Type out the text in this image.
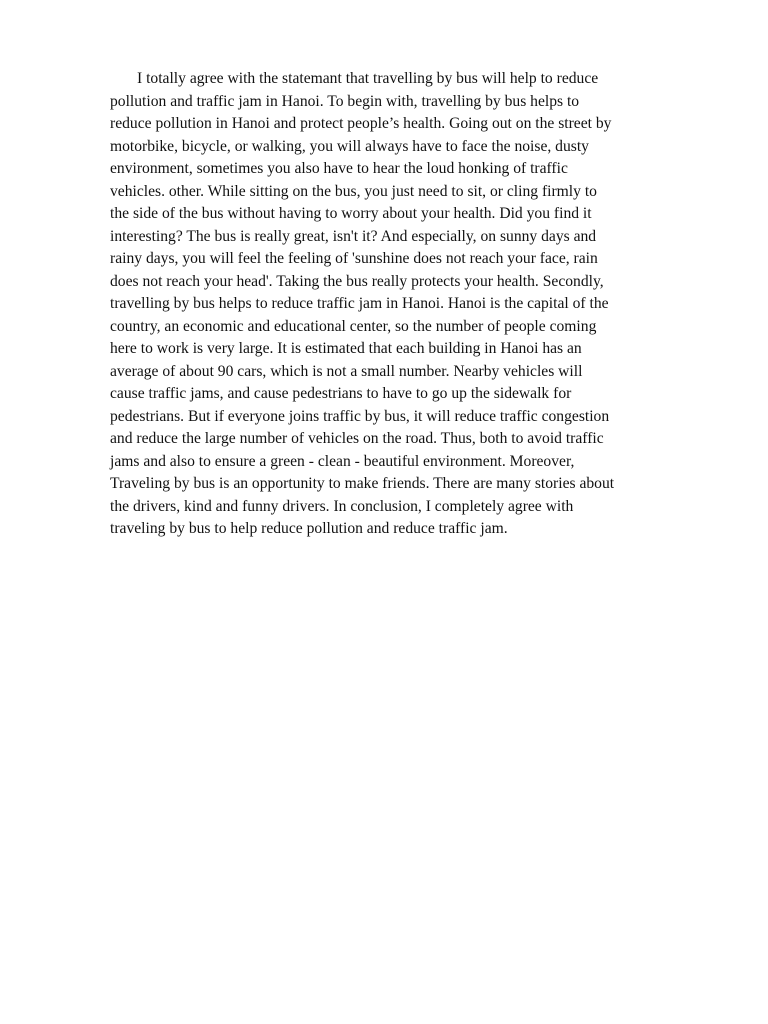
I totally agree with the statemant that travelling by bus will help to reduce
pollution and traffic jam in Hanoi. To begin with, travelling by bus helps to
reduce pollution in Hanoi and protect people’s health. Going out on the street by
motorbike, bicycle, or walking, you will always have to face the noise, dusty
environment, sometimes you also have to hear the loud honking of traffic
vehicles. other. While sitting on the bus, you just need to sit, or cling firmly to
the side of the bus without having to worry about your health. Did you find it
interesting? The bus is really great, isn't it? And especially, on sunny days and
rainy days, you will feel the feeling of 'sunshine does not reach your face, rain
does not reach your head'. Taking the bus really protects your health. Secondly,
travelling by bus helps to reduce traffic jam in Hanoi. Hanoi is the capital of the
country, an economic and educational center, so the number of people coming
here to work is very large. It is estimated that each building in Hanoi has an
average of about 90 cars, which is not a small number. Nearby vehicles will
cause traffic jams, and cause pedestrians to have to go up the sidewalk for
pedestrians. But if everyone joins traffic by bus, it will reduce traffic congestion
and reduce the large number of vehicles on the road. Thus, both to avoid traffic
jams and also to ensure a green - clean - beautiful environment. Moreover,
Traveling by bus is an opportunity to make friends. There are many stories about
the drivers, kind and funny drivers. In conclusion, I completely agree with
traveling by bus to help reduce pollution and reduce traffic jam.
